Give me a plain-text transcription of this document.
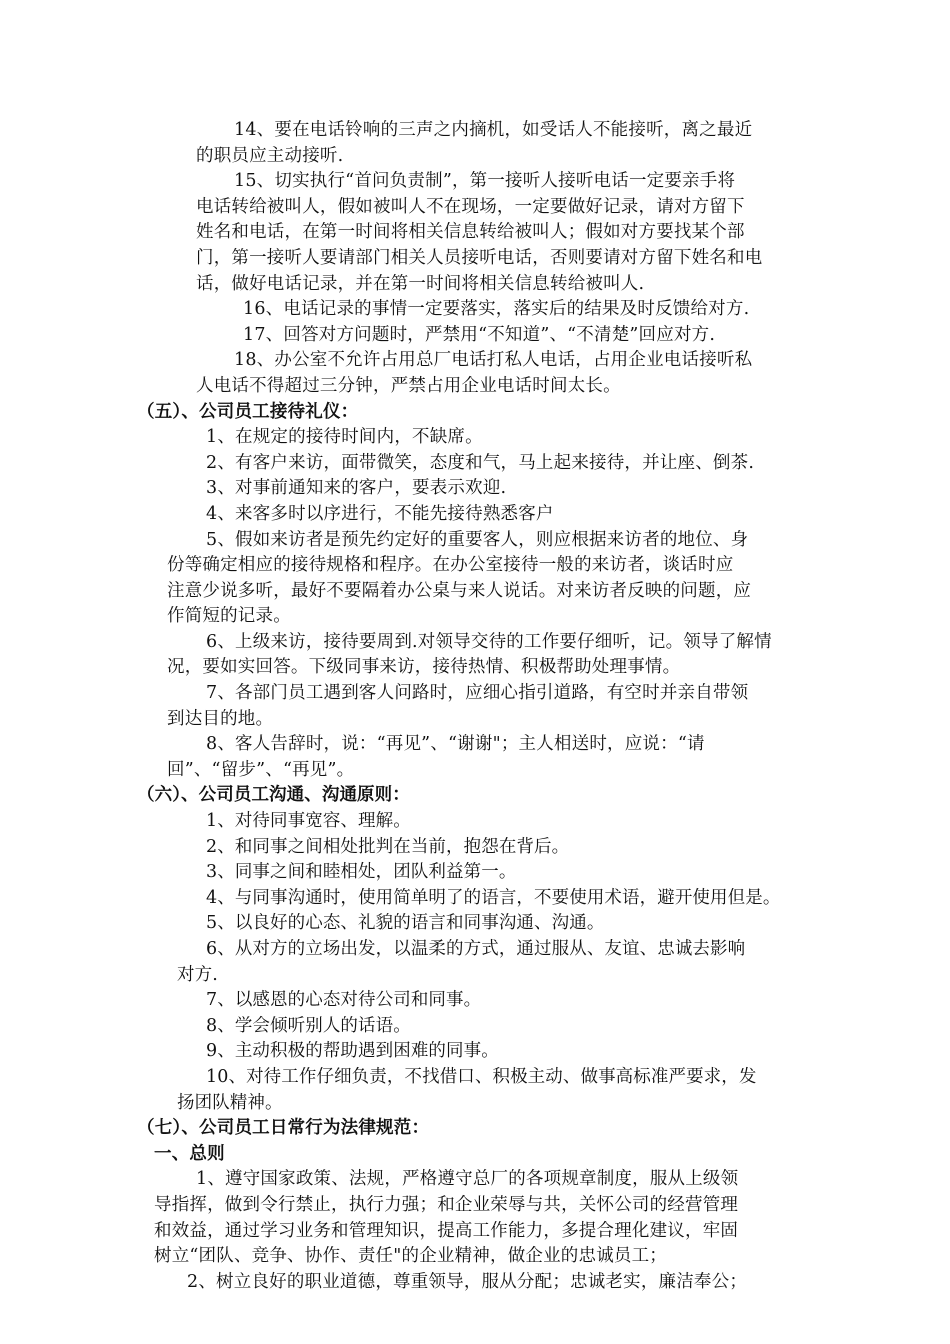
14、要在电话铃响的三声之内摘机，如受话人不能接听，离之最近
的职员应主动接听.
15、切实执行“首问负责制”，第一接听人接听电话一定要亲手将
电话转给被叫人，假如被叫人不在现场，一定要做好记录，请对方留下
姓名和电话，在第一时间将相关信息转给被叫人；假如对方要找某个部
门，第一接听人要请部门相关人员接听电话，否则要请对方留下姓名和电
话，做好电话记录，并在第一时间将相关信息转给被叫人.
16、电话记录的事情一定要落实，落实后的结果及时反馈给对方.
17、回答对方问题时，严禁用“不知道”、“不清楚”回应对方.
18、办公室不允许占用总厂电话打私人电话，占用企业电话接听私
人电话不得超过三分钟，严禁占用企业电话时间太长。
（五）、公司员工接待礼仪：
1、在规定的接待时间内，不缺席。
2、有客户来访，面带微笑，态度和气，马上起来接待，并让座、倒茶.
3、对事前通知来的客户，要表示欢迎.
4、来客多时以序进行，不能先接待熟悉客户
5、假如来访者是预先约定好的重要客人，则应根据来访者的地位、身
份等确定相应的接待规格和程序。在办公室接待一般的来访者，谈话时应
注意少说多听，最好不要隔着办公桌与来人说话。对来访者反映的问题，应
作简短的记录。
6、上级来访，接待要周到.对领导交待的工作要仔细听，记。领导了解情
况，要如实回答。下级同事来访，接待热情、积极帮助处理事情。
7、各部门员工遇到客人问路时，应细心指引道路，有空时并亲自带领
到达目的地。
8、客人告辞时，说：“再见”、“谢谢"；主人相送时，应说：“请
回”、“留步”、“再见”。
（六）、公司员工沟通、沟通原则：
1、对待同事宽容、理解。
2、和同事之间相处批判在当前，抱怨在背后。
3、同事之间和睦相处，团队利益第一。
4、与同事沟通时，使用简单明了的语言，不要使用术语，避开使用但是。
5、以良好的心态、礼貌的语言和同事沟通、沟通。
6、从对方的立场出发，以温柔的方式，通过服从、友谊、忠诚去影响
对方.
7、以感恩的心态对待公司和同事。
8、学会倾听别人的话语。
9、主动积极的帮助遇到困难的同事。
10、对待工作仔细负责，不找借口、积极主动、做事高标准严要求，发
扬团队精神。
（七）、公司员工日常行为法律规范：
一、总则
1、遵守国家政策、法规，严格遵守总厂的各项规章制度，服从上级领
导指挥，做到令行禁止，执行力强；和企业荣辱与共，关怀公司的经营管理
和效益，通过学习业务和管理知识，提高工作能力，多提合理化建议，牢固
树立“团队、竞争、协作、责任"的企业精神，做企业的忠诚员工；
2、树立良好的职业道德，尊重领导，服从分配；忠诚老实，廉洁奉公；
